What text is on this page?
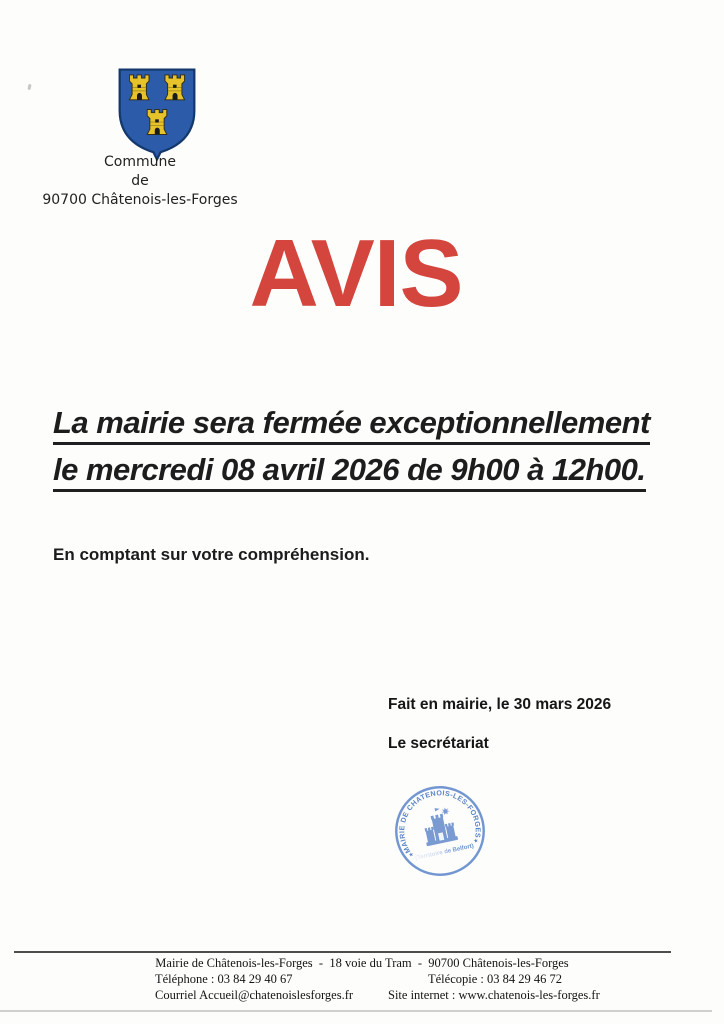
Commune
de
90700 Châtenois-les-Forges
AVIS
La mairie sera fermée exceptionnellement
le mercredi 08 avril 2026 de 9h00 à 12h00.
En comptant sur votre compréhension.
Fait en mairie, le 30 mars 2026
Le secrétariat
MAIRIE DE CHATENOIS-LES-FORGES
★
★
(Territoire de Belfort)
Mairie de Châtenois-les-Forges  -  18 voie du Tram  -  90700 Châtenois-les-Forges
Téléphone : 03 84 29 40 67	Télécopie : 03 84 29 46 72
Courriel Accueil@chatenoislesforges.fr	Site internet : www.chatenois-les-forges.fr
